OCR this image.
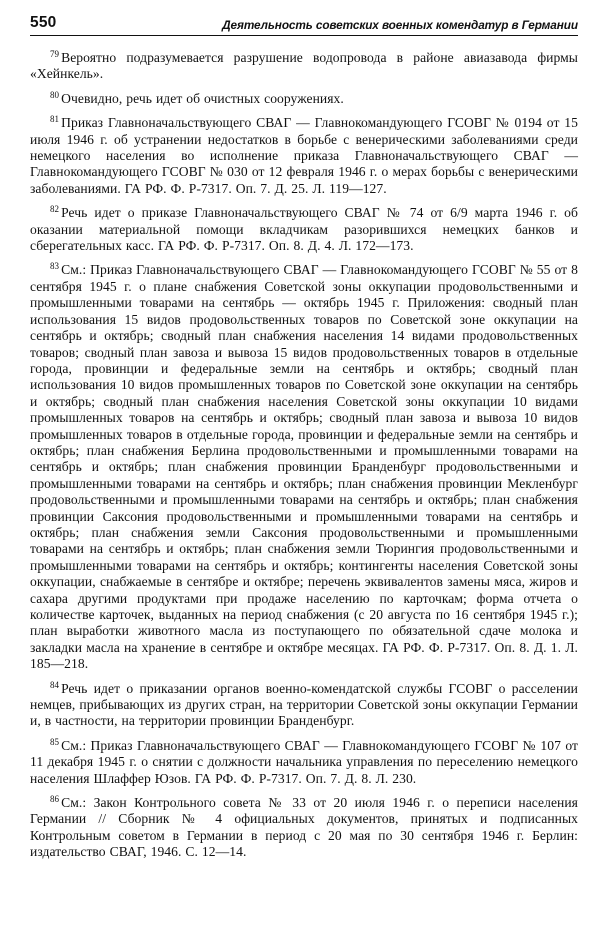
550	Деятельность советских военных комендатур в Германии

$^{79}$ Вероятно подразумевается разрушение водопровода в районе авиазавода фирмы «Хейнкель».

$^{80}$ Очевидно, речь идет об очистных сооружениях.

$^{81}$ Приказ Главноначальствующего СВАГ — Главнокомандующего ГСОВГ № 0194 от 15 июля 1946 г. об устранении недостатков в борьбе с венерическими заболеваниями среди немецкого населения во исполнение приказа Главноначальствующего СВАГ — Главнокомандующего ГСОВГ № 030 от 12 февраля 1946 г. о мерах борьбы с венерическими заболеваниями. ГА РФ. Ф. Р-7317. Оп. 7. Д. 25. Л. 119—127.

$^{82}$ Речь идет о приказе Главноначальствующего СВАГ № 74 от 6/9 марта 1946 г. об оказании материальной помощи вкладчикам разорившихся немецких банков и сберегательных касс. ГА РФ. Ф. Р-7317. Оп. 8. Д. 4. Л. 172—173.

$^{83}$ См.: Приказ Главноначальствующего СВАГ — Главнокомандующего ГСОВГ № 55 от 8 сентября 1945 г. о плане снабжения Советской зоны оккупации продовольственными и промышленными товарами на сентябрь — октябрь 1945 г. Приложения: сводный план использования 15 видов продовольственных товаров по Советской зоне оккупации на сентябрь и октябрь; сводный план снабжения населения 14 видами продовольственных товаров; сводный план завоза и вывоза 15 видов продовольственных товаров в отдельные города, провинции и федеральные земли на сентябрь и октябрь; сводный план использования 10 видов промышленных товаров по Советской зоне оккупации на сентябрь и октябрь; сводный план снабжения населения Советской зоны оккупации 10 видами промышленных товаров на сентябрь и октябрь; сводный план завоза и вывоза 10 видов промышленных товаров в отдельные города, провинции и федеральные земли на сентябрь и октябрь; план снабжения Берлина продовольственными и промышленными товарами на сентябрь и октябрь; план снабжения провинции Бранденбург продовольственными и промышленными товарами на сентябрь и октябрь; план снабжения провинции Мекленбург продовольственными и промышленными товарами на сентябрь и октябрь; план снабжения провинции Саксония продовольственными и промышленными товарами на сентябрь и октябрь; план снабжения земли Саксония продовольственными и промышленными товарами на сентябрь и октябрь; план снабжения земли Тюрингия продовольственными и промышленными товарами на сентябрь и октябрь; контингенты населения Советской зоны оккупации, снабжаемые в сентябре и октябре; перечень эквивалентов замены мяса, жиров и сахара другими продуктами при продаже населению по карточкам; форма отчета о количестве карточек, выданных на период снабжения (с 20 августа по 16 сентября 1945 г.); план выработки животного масла из поступающего по обязательной сдаче молока и закладки масла на хранение в сентябре и октябре месяцах. ГА РФ. Ф. Р-7317. Оп. 8. Д. 1. Л. 185—218.

$^{84}$ Речь идет о приказании органов военно-комендатской службы ГСОВГ о расселении немцев, прибывающих из других стран, на территории Советской зоны оккупации Германии и, в частности, на территории провинции Бранденбург.

$^{85}$ См.: Приказ Главноначальствующего СВАГ — Главнокомандующего ГСОВГ № 107 от 11 декабря 1945 г. о снятии с должности начальника управления по переселению немецкого населения Шлаффер Юзов. ГА РФ. Ф. Р-7317. Оп. 7. Д. 8. Л. 230.

$^{86}$ См.: Закон Контрольного совета № 33 от 20 июля 1946 г. о переписи населения Германии // Сборник № 4 официальных документов, принятых и подписанных Контрольным советом в Германии в период с 20 мая по 30 сентября 1946 г. Берлин: издательство СВАГ, 1946. С. 12—14.
